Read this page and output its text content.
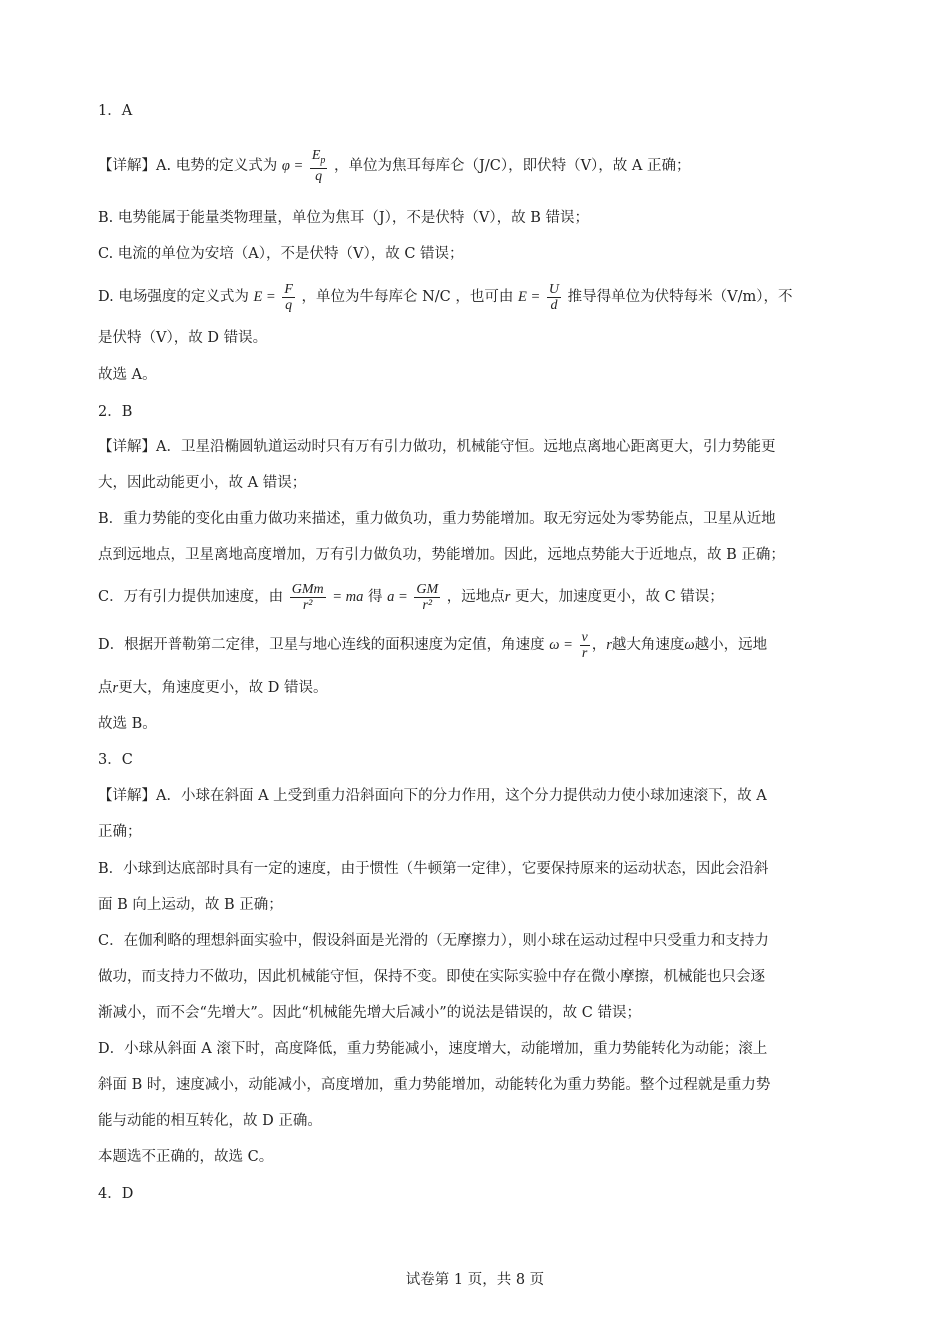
1．A
【详解】A. 电势的定义式为 $\varphi = \frac{E_p}{q}$ ，单位为焦耳每库仑（J/C），即伏特（V），故 A 正确；
B. 电势能属于能量类物理量，单位为焦耳（J），不是伏特（V），故 B 错误；
C. 电流的单位为安培（A），不是伏特（V），故 C 错误；
D. 电场强度的定义式为 $E = \frac{F}{q}$ ，单位为牛每库仑 N/C ，也可由 $E = \frac{U}{d}$ 推导得单位为伏特每米（V/m），不
是伏特（V），故 D 错误。
故选 A。
2．B
【详解】A．卫星沿椭圆轨道运动时只有万有引力做功，机械能守恒。远地点离地心距离更大，引力势能更
大，因此动能更小，故 A 错误；
B．重力势能的变化由重力做功来描述，重力做负功，重力势能增加。取无穷远处为零势能点，卫星从近地
点到远地点，卫星离地高度增加，万有引力做负功，势能增加。因此，远地点势能大于近地点，故 B 正确；
C．万有引力提供加速度，由 $\frac{\text{GMm}}{\text{r²}}$ = ma 得 $a = \frac{GM}{\text{r²}}$ ，远地点r 更大，加速度更小，故 C 错误；
D．根据开普勒第二定律，卫星与地心连线的面积速度为定值，角速度 $\omega = \frac{v}{r}$ ，r越大角速度ω越小，远地
点r更大，角速度更小，故 D 错误。
故选 B。
3．C
【详解】A．小球在斜面 A 上受到重力沿斜面向下的分力作用，这个分力提供动力使小球加速滚下，故 A
正确；
B．小球到达底部时具有一定的速度，由于惯性（牛顿第一定律），它要保持原来的运动状态，因此会沿斜
面 B 向上运动，故 B 正确；
C．在伽利略的理想斜面实验中，假设斜面是光滑的（无摩擦力），则小球在运动过程中只受重力和支持力
做功，而支持力不做功，因此机械能守恒，保持不变。即使在实际实验中存在微小摩擦，机械能也只会逐
渐减小，而不会“先增大”。因此“机械能先增大后减小”的说法是错误的，故 C 错误；
D．小球从斜面 A 滚下时，高度降低，重力势能减小，速度增大，动能增加，重力势能转化为动能；滚上
斜面 B 时，速度减小，动能减小，高度增加，重力势能增加，动能转化为重力势能。整个过程就是重力势
能与动能的相互转化，故 D 正确。
本题选不正确的，故选 C。
4．D
试卷第 1 页，共 8 页
